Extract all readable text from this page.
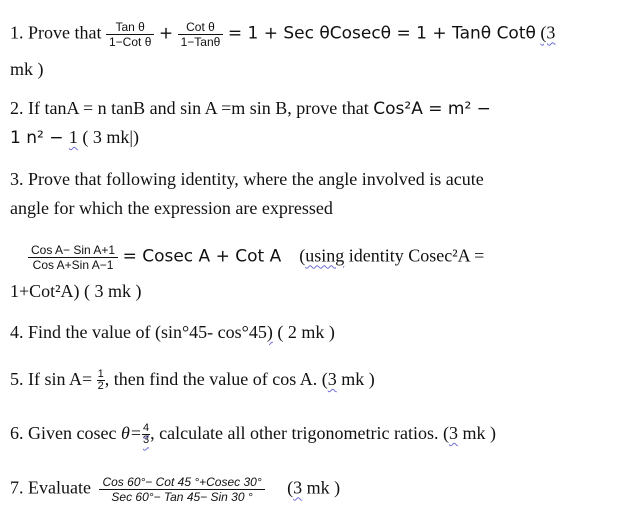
1. Prove that $\frac{\text{Tan θ}}{\text{1−Cot θ}} + \frac{\text{Cot θ}}{\text{1−Tanθ}} = 1$ + Sec θCosecθ = 1 + Tanθ Cotθ (3
mk )
2. If tanA = n tanB and sin A =m sin B, prove that Cos²A = m² −
1 n² − 1 ( 3 mk|)
3. Prove that following identity, where the angle involved is acute
angle for which the expression are expressed
$\frac{\text{Cos A− Sin A+1}}{\text{Cos A+Sin A−1}} = Cosec$ A + Cot A (using identity Cosec²A =
1+Cot²A) ( 3 mk )
4. Find the value of (sin°45- cos°45) ( 2 mk )
5. If $\sin A= \frac{1}{2}$ , then find the value of cos A. (3 mk )
6. Given cosec $\theta= \frac{4}{3}$ , calculate all other trigonometric ratios. (3 mk )
7. Evaluate $\frac{\text{Cos 60°− Cot 45 °+Cosec 30°}}{\text{Sec 60°− Tan 45− Sin 30 °}} (3$ mk )
